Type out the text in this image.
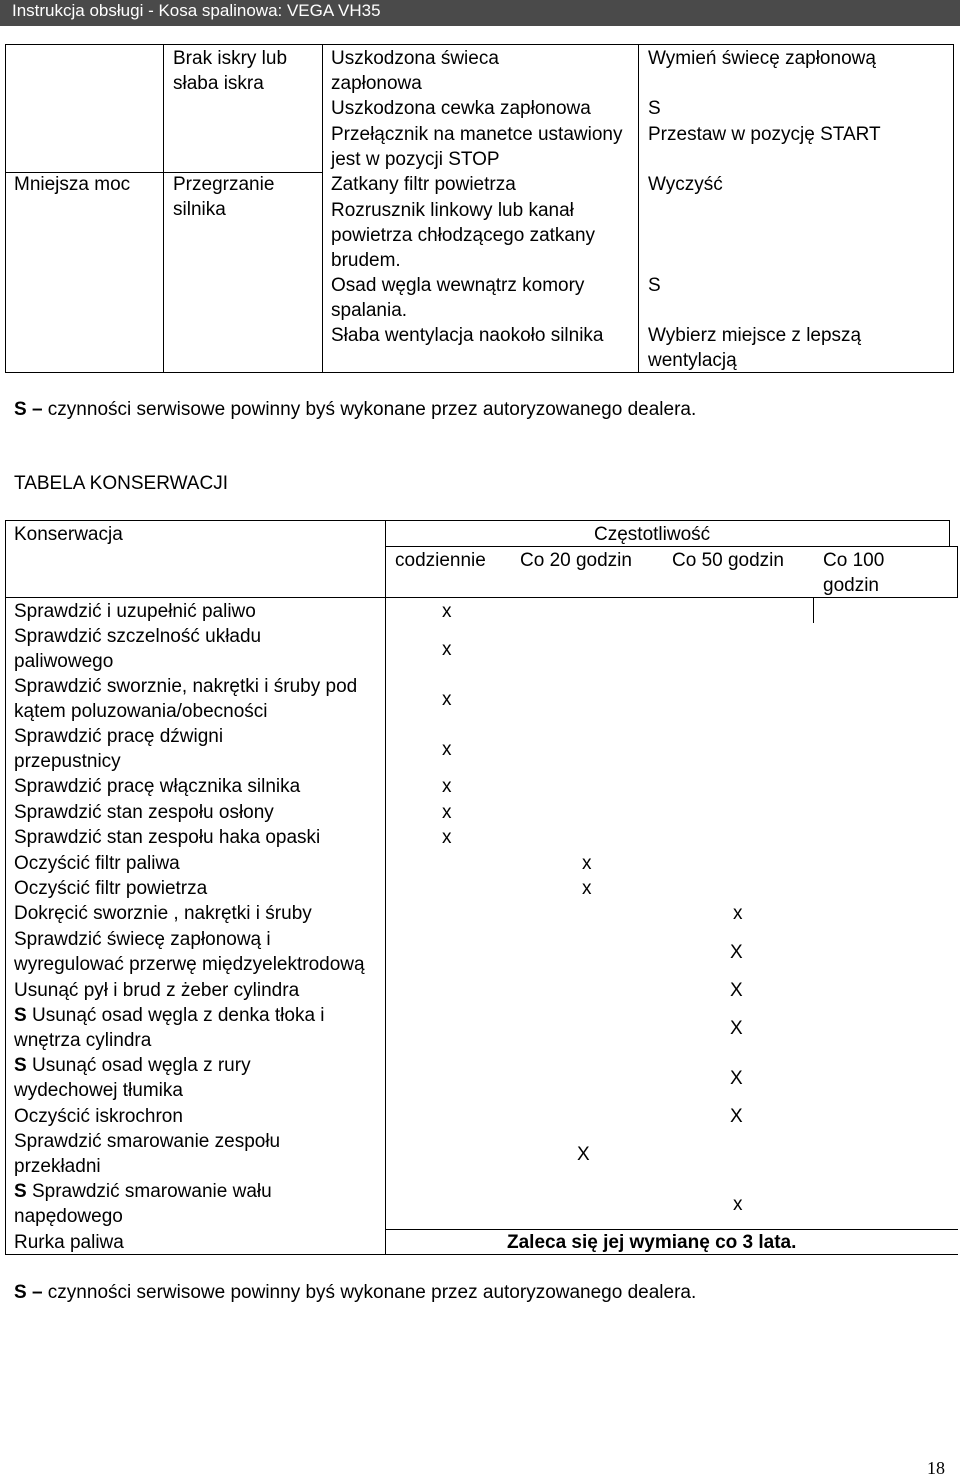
Instrukcja obsługi - Kosa spalinowa: VEGA VH35
Mniejsza moc
Brak iskry lub słaba iskra
Przegrzanie silnika
Uszkodzona świeca zapłonowa
Uszkodzona cewka zapłonowa
Przełącznik na manetce ustawiony jest w pozycji STOP
Zatkany filtr powietrza
Rozrusznik linkowy lub kanał powietrza chłodzącego zatkany brudem.
Osad węgla wewnątrz komory spalania.
Słaba wentylacja naokoło silnika
Wymień świecę zapłonową
S
Przestaw w pozycję START
Wyczyść
S
Wybierz miejsce z lepszą wentylacją
S – czynności serwisowe powinny byś wykonane przez autoryzowanego dealera.
TABELA KONSERWACJI
Konserwacja	Częstotliwość
codziennie Co 20 godzin Co 50 godzin Co 100 godzin
Sprawdzić i uzupełnić paliwo
Sprawdzić szczelność układu paliwowego
Sprawdzić sworznie, nakrętki i śruby pod kątem poluzowania/obecności
Sprawdzić pracę dźwigni przepustnicy
Sprawdzić pracę włącznika silnika
Sprawdzić stan zespołu osłony
Sprawdzić stan zespołu haka opaski
Oczyścić filtr paliwa
Oczyścić filtr powietrza
Dokręcić sworznie , nakrętki i śruby
Sprawdzić świecę zapłonową i wyregulować przerwę międzyelektrodową
Usunąć pył i brud z żeber cylindra
S Usunąć osad węgla z denka tłoka i wnętrza cylindra
S Usunąć osad węgla z rury wydechowej tłumika
Oczyścić iskrochron
Sprawdzić smarowanie zespołu przekładni
S Sprawdzić smarowanie wału napędowego
Rurka paliwa
x
x
x
x
x
x
x
x
x
x
X
X
X
X
X
X
x
Zaleca się jej wymianę co 3 lata.
S – czynności serwisowe powinny byś wykonane przez autoryzowanego dealera.
18
